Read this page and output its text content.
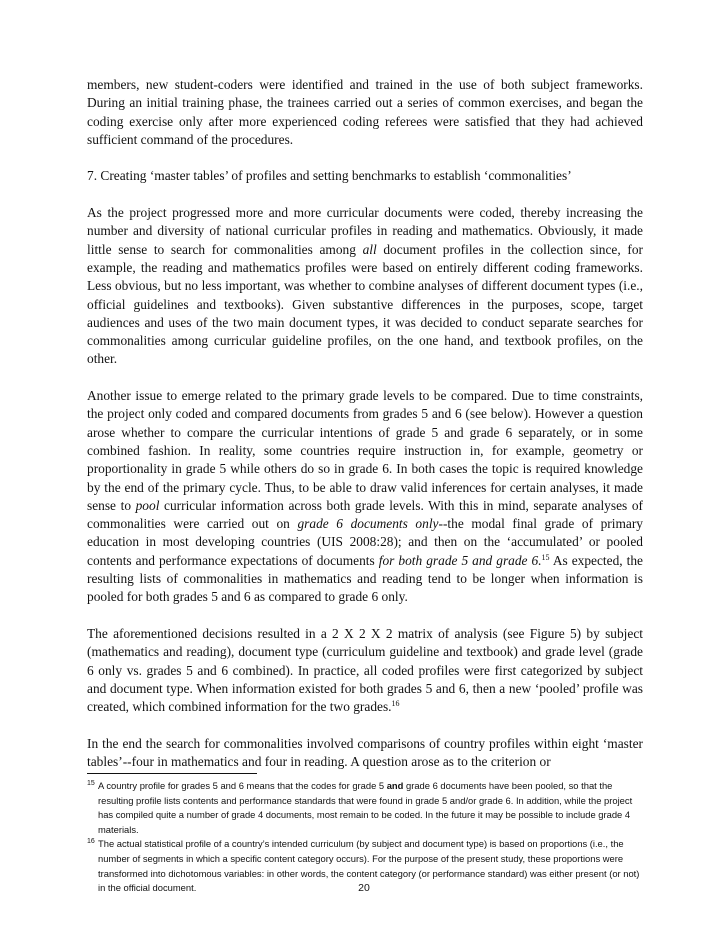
members, new student-coders were identified and trained in the use of both subject frameworks. During an initial training phase, the trainees carried out a series of common exercises, and began the coding exercise only after more experienced coding referees were satisfied that they had achieved sufficient command of the procedures.

7. Creating ‘master tables’ of profiles and setting benchmarks to establish ‘commonalities’

As the project progressed more and more curricular documents were coded, thereby increasing the number and diversity of national curricular profiles in reading and mathematics. Obviously, it made little sense to search for commonalities among all document profiles in the collection since, for example, the reading and mathematics profiles were based on entirely different coding frameworks. Less obvious, but no less important, was whether to combine analyses of different document types (i.e., official guidelines and textbooks). Given substantive differences in the purposes, scope, target audiences and uses of the two main document types, it was decided to conduct separate searches for commonalities among curricular guideline profiles, on the one hand, and textbook profiles, on the other.

Another issue to emerge related to the primary grade levels to be compared. Due to time constraints, the project only coded and compared documents from grades 5 and 6 (see below). However a question arose whether to compare the curricular intentions of grade 5 and grade 6 separately, or in some combined fashion. In reality, some countries require instruction in, for example, geometry or proportionality in grade 5 while others do so in grade 6. In both cases the topic is required knowledge by the end of the primary cycle. Thus, to be able to draw valid inferences for certain analyses, it made sense to pool curricular information across both grade levels. With this in mind, separate analyses of commonalities were carried out on grade 6 documents only--the modal final grade of primary education in most developing countries (UIS 2008:28); and then on the ‘accumulated’ or pooled contents and performance expectations of documents for both grade 5 and grade 6.15 As expected, the resulting lists of commonalities in mathematics and reading tend to be longer when information is pooled for both grades 5 and 6 as compared to grade 6 only.

The aforementioned decisions resulted in a 2 X 2 X 2 matrix of analysis (see Figure 5) by subject (mathematics and reading), document type (curriculum guideline and textbook) and grade level (grade 6 only vs. grades 5 and 6 combined). In practice, all coded profiles were first categorized by subject and document type. When information existed for both grades 5 and 6, then a new ‘pooled’ profile was created, which combined information for the two grades.$^{16}$

In the end the search for commonalities involved comparisons of country profiles within eight ‘master tables’--four in mathematics and four in reading. A question arose as to the criterion or

15 A country profile for grades 5 and 6 means that the codes for grade 5 and grade 6 documents have been pooled, so that the resulting profile lists contents and performance standards that were found in grade 5 and/or grade 6. In addition, while the project has compiled quite a number of grade 4 documents, most remain to be coded. In the future it may be possible to include grade 4 materials.
16 The actual statistical profile of a country’s intended curriculum (by subject and document type) is based on proportions (i.e., the number of segments in which a specific content category occurs). For the purpose of the present study, these proportions were transformed into dichotomous variables: in other words, the content category (or performance standard) was either present (or not) in the official document.	20
